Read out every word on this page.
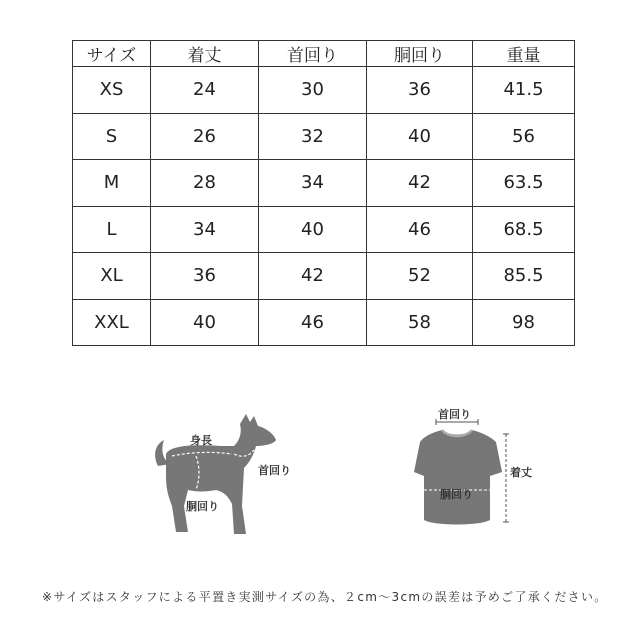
サイズ	着丈	首回り	胴回り	重量
XS	24	30	36	41.5
S	26	32	40	56
M	28	34	42	63.5
L	34	40	46	68.5
XL	36	42	52	85.5
XXL	40	46	58	98
身長
首回り
胴回り
首回り
胴回り
着丈
※サイズはスタッフによる平置き実測サイズの為、２cm〜3cmの誤差は予めご了承ください。
